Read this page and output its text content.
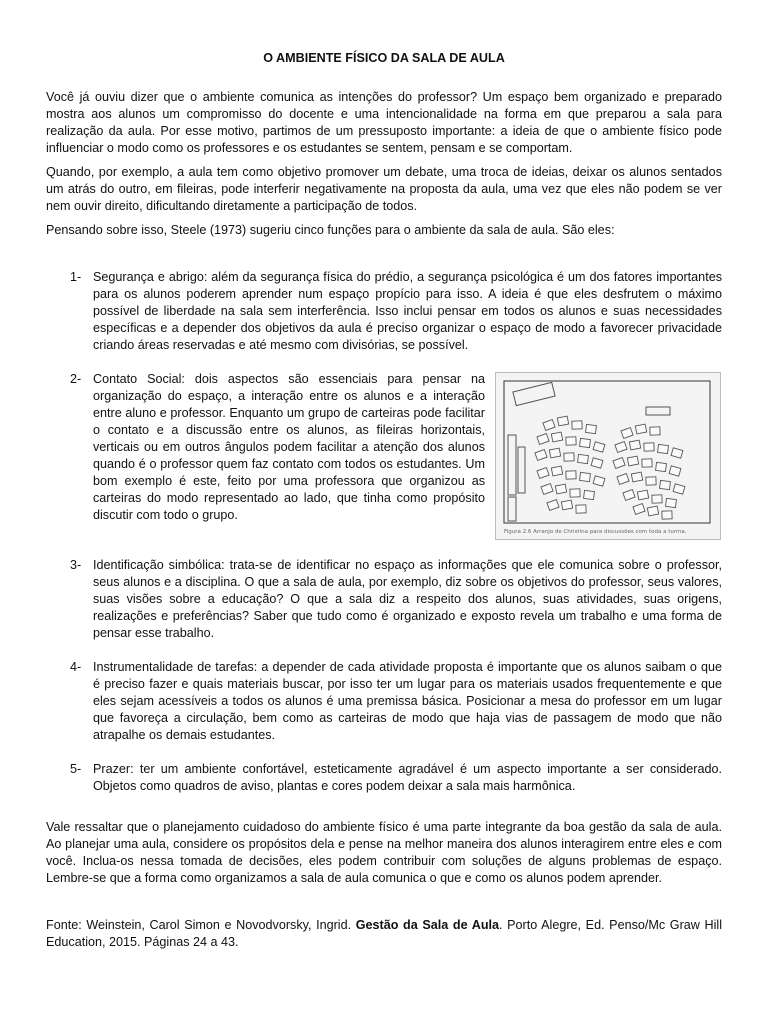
O AMBIENTE FÍSICO DA SALA DE AULA

Você já ouviu dizer que o ambiente comunica as intenções do professor? Um espaço bem organizado e preparado mostra aos alunos um compromisso do docente e uma intencionalidade na forma em que preparou a sala para realização da aula. Por esse motivo, partimos de um pressuposto importante: a ideia de que o ambiente físico pode influenciar o modo como os professores e os estudantes se sentem, pensam e se comportam.

Quando, por exemplo, a aula tem como objetivo promover um debate, uma troca de ideias, deixar os alunos sentados um atrás do outro, em fileiras, pode interferir negativamente na proposta da aula, uma vez que eles não podem se ver nem ouvir direito, dificultando diretamente a participação de todos.

Pensando sobre isso, Steele (1973) sugeriu cinco funções para o ambiente da sala de aula. São eles:

1- Segurança e abrigo: além da segurança física do prédio, a segurança psicológica é um dos fatores importantes para os alunos poderem aprender num espaço propício para isso. A ideia é que eles desfrutem o máximo possível de liberdade na sala sem interferência. Isso inclui pensar em todos os alunos e suas necessidades específicas e a depender dos objetivos da aula é preciso organizar o espaço de modo a favorecer privacidade criando áreas reservadas e até mesmo com divisórias, se possível.
2- Contato Social: dois aspectos são essenciais para pensar na organização do espaço, a interação entre os alunos e a interação entre aluno e professor. Enquanto um grupo de carteiras pode facilitar o contato e a discussão entre os alunos, as fileiras horizontais, verticais ou em outros ângulos podem facilitar a atenção dos alunos quando é o professor quem faz contato com todos os estudantes. Um bom exemplo é este, feito por uma professora que organizou as carteiras do modo representado ao lado, que tinha como propósito discutir com todo o grupo.
Figura 2.6 Arranjo de Christina para discussões com toda a turma.
3- Identificação simbólica: trata-se de identificar no espaço as informações que ele comunica sobre o professor, seus alunos e a disciplina. O que a sala de aula, por exemplo, diz sobre os objetivos do professor, seus valores, suas visões sobre a educação? O que a sala diz a respeito dos alunos, suas atividades, suas origens, realizações e preferências? Saber que tudo como é organizado e exposto revela um trabalho e uma forma de pensar esse trabalho.
4- Instrumentalidade de tarefas: a depender de cada atividade proposta é importante que os alunos saibam o que é preciso fazer e quais materiais buscar, por isso ter um lugar para os materiais usados frequentemente e que eles sejam acessíveis a todos os alunos é uma premissa básica. Posicionar a mesa do professor em um lugar que favoreça a circulação, bem como as carteiras de modo que haja vias de passagem de modo que não atrapalhe os demais estudantes.
5- Prazer: ter um ambiente confortável, esteticamente agradável é um aspecto importante a ser considerado. Objetos como quadros de aviso, plantas e cores podem deixar a sala mais harmônica.

Vale ressaltar que o planejamento cuidadoso do ambiente físico é uma parte integrante da boa gestão da sala de aula. Ao planejar uma aula, considere os propósitos dela e pense na melhor maneira dos alunos interagirem entre eles e com você. Inclua-os nessa tomada de decisões, eles podem contribuir com soluções de alguns problemas de espaço. Lembre-se que a forma como organizamos a sala de aula comunica o que e como os alunos podem aprender.

Fonte: Weinstein, Carol Simon e Novodvorsky, Ingrid. Gestão da Sala de Aula. Porto Alegre, Ed. Penso/Mc Graw Hill Education, 2015. Páginas 24 a 43.
